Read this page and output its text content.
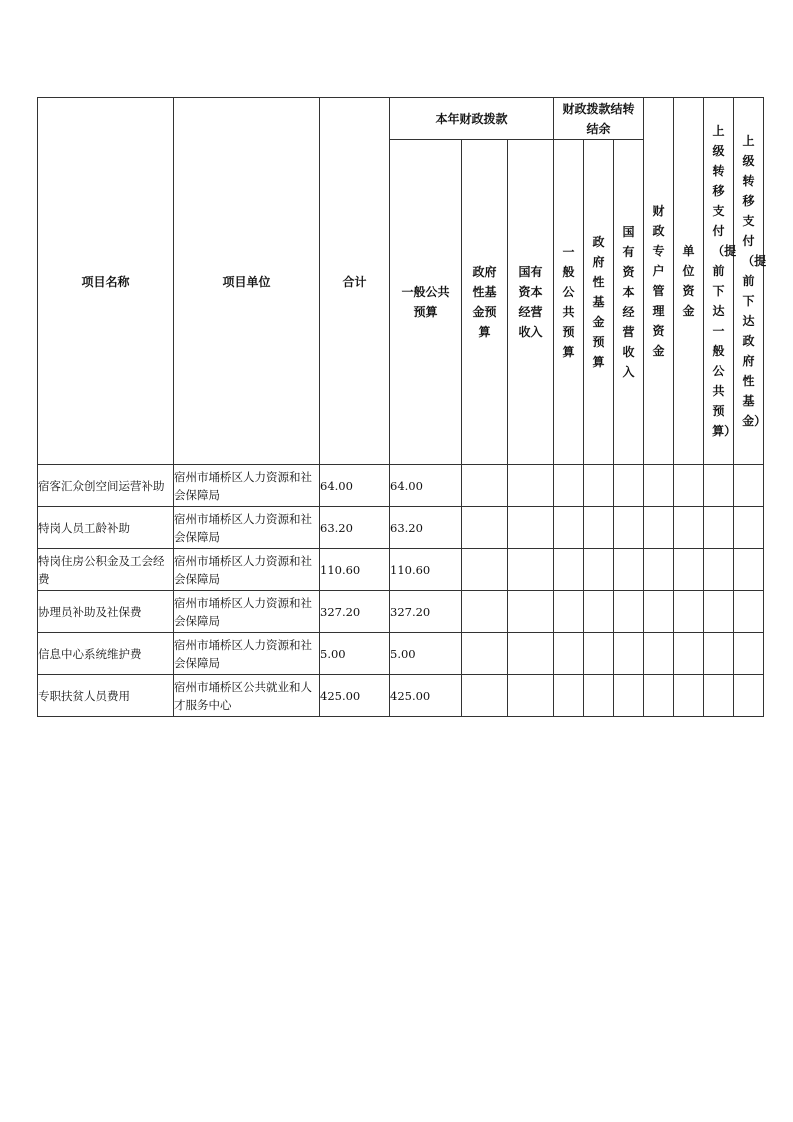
项目名称	项目单位	合计	本年财政拨款			财政拨款结转结余			财政专户管理资金	单位资金	上级转移支付（提前下达一般公共预算）	上级转移支付（提前下达政府性基金）
			一般公共预算	政府性基金预算	国有资本经营收入	一般公共预算	政府性基金预算	国有资本经营收入				
宿客汇众创空间运营补助	宿州市埇桥区人力资源和社会保障局	64.00	64.00									
特岗人员工龄补助	宿州市埇桥区人力资源和社会保障局	63.20	63.20									
特岗住房公积金及工会经费	宿州市埇桥区人力资源和社会保障局	110.60	110.60									
协理员补助及社保费	宿州市埇桥区人力资源和社会保障局	327.20	327.20									
信息中心系统维护费	宿州市埇桥区人力资源和社会保障局	5.00	5.00									
专职扶贫人员费用	宿州市埇桥区公共就业和人才服务中心	425.00	425.00									
